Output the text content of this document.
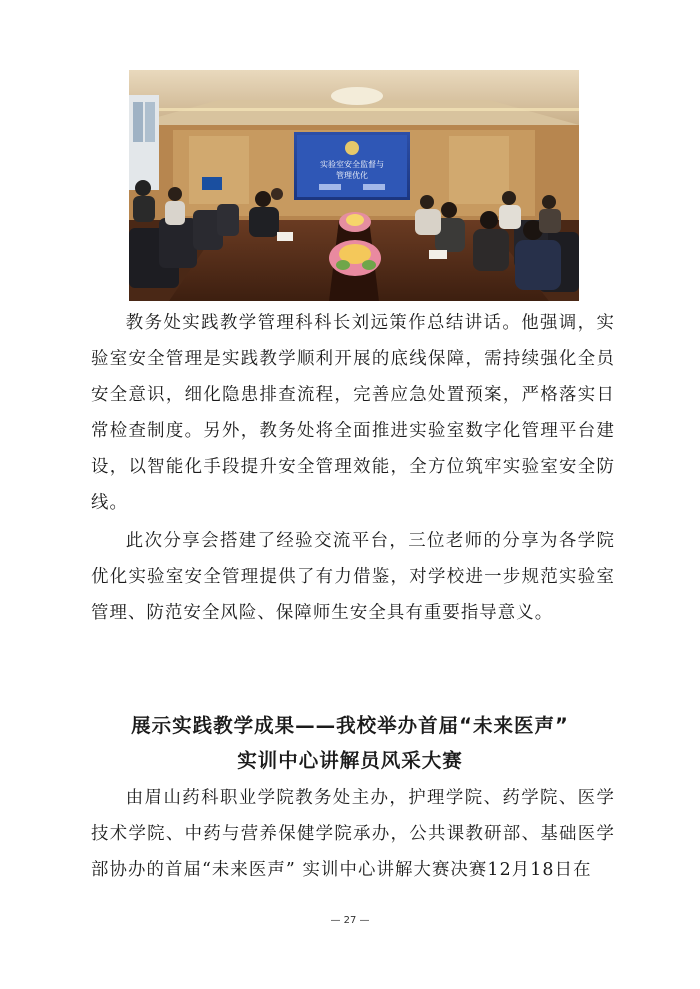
实验室安全监督与
管理优化

教务处实践教学管理科科长刘远策作总结讲话。他强调，实验室安全管理是实践教学顺利开展的底线保障，需持续强化全员安全意识，细化隐患排查流程，完善应急处置预案，严格落实日常检查制度。另外，教务处将全面推进实验室数字化管理平台建设，以智能化手段提升安全管理效能，全方位筑牢实验室安全防线。

此次分享会搭建了经验交流平台，三位老师的分享为各学院优化实验室安全管理提供了有力借鉴，对学校进一步规范实验室管理、防范安全风险、保障师生安全具有重要指导意义。

展示实践教学成果——我校举办首届“未来医声”
实训中心讲解员风采大赛

由眉山药科职业学院教务处主办，护理学院、药学院、医学技术学院、中药与营养保健学院承办，公共课教研部、基础医学部协办的首届“未来医声” 实训中心讲解大赛决赛12月18日在

— 27 —
